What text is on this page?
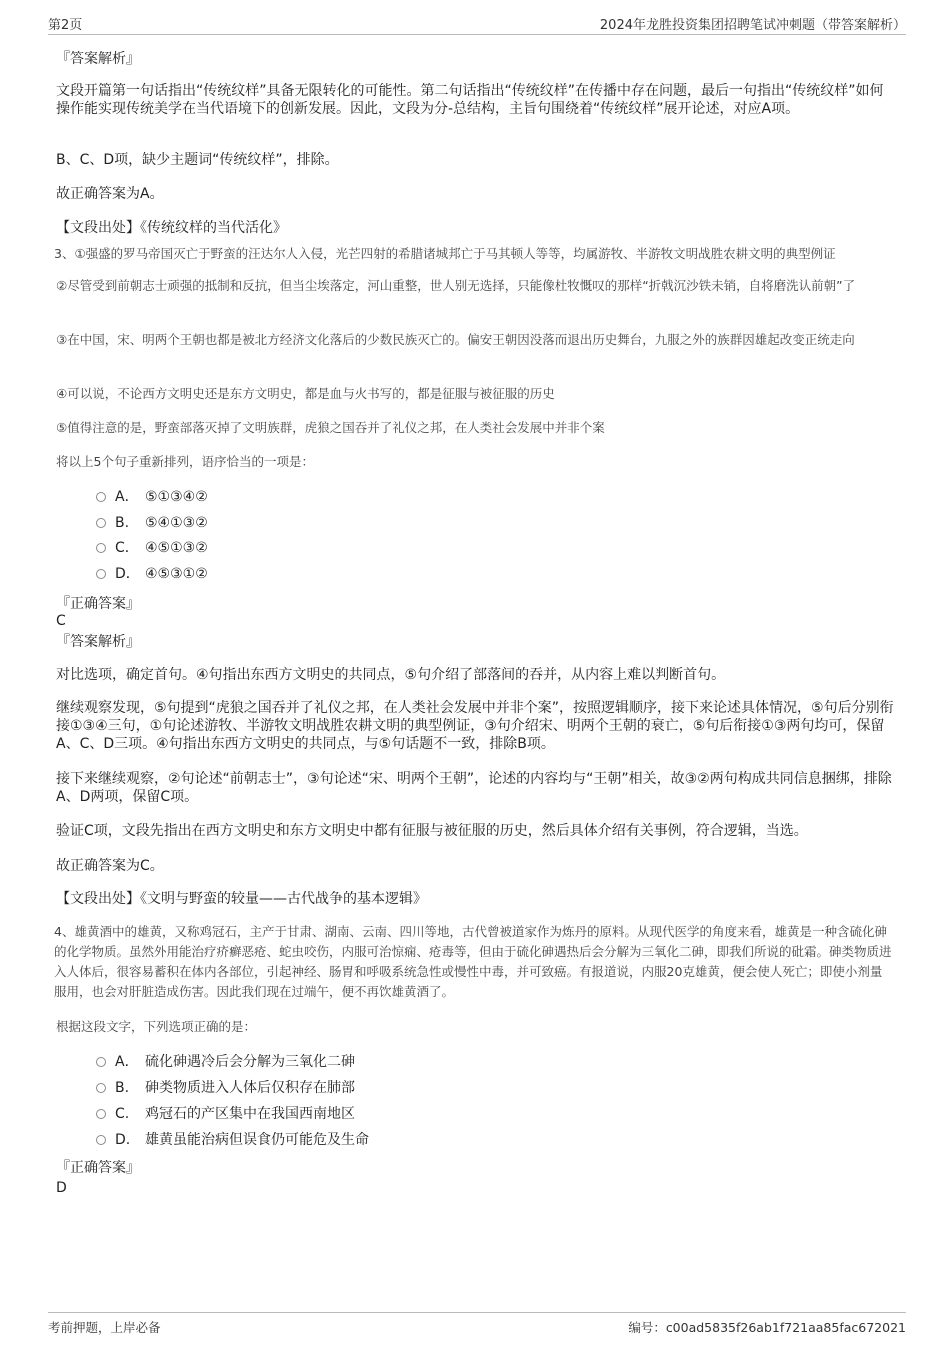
第2页	2024年龙胜投资集团招聘笔试冲刺题（带答案解析）

『答案解析』

文段开篇第一句话指出“传统纹样”具备无限转化的可能性。第二句话指出“传统纹样”在传播中存在问题，最后一句指出“传统纹样”如何操作能实现传统美学在当代语境下的创新发展。因此，文段为分-总结构，主旨句围绕着“传统纹样”展开论述，对应A项。

B、C、D项，缺少主题词“传统纹样”，排除。

故正确答案为A。

【文段出处】《传统纹样的当代活化》

3、①强盛的罗马帝国灭亡于野蛮的汪达尔人入侵，光芒四射的希腊诸城邦亡于马其顿人等等，均属游牧、半游牧文明战胜农耕文明的典型例证

②尽管受到前朝志士顽强的抵制和反抗，但当尘埃落定，河山重整，世人别无选择，只能像杜牧慨叹的那样“折戟沉沙铁未销，自将磨洗认前朝”了

③在中国，宋、明两个王朝也都是被北方经济文化落后的少数民族灭亡的。偏安王朝因没落而退出历史舞台，九服之外的族群因雄起改变正统走向

④可以说，不论西方文明史还是东方文明史，都是血与火书写的，都是征服与被征服的历史

⑤值得注意的是，野蛮部落灭掉了文明族群，虎狼之国吞并了礼仪之邦，在人类社会发展中并非个案

将以上5个句子重新排列，语序恰当的一项是：

A． ⑤①③④②
B. ⑤④①③②
C． ④⑤①③②
D． ④⑤③①②

『正确答案』

C

『答案解析』

对比选项，确定首句。④句指出东西方文明史的共同点，⑤句介绍了部落间的吞并，从内容上难以判断首句。

继续观察发现，⑤句提到“虎狼之国吞并了礼仪之邦，在人类社会发展中并非个案”，按照逻辑顺序，接下来论述具体情况，⑤句后分别衔接①③④三句，①句论述游牧、半游牧文明战胜农耕文明的典型例证，③句介绍宋、明两个王朝的衰亡，⑤句后衔接①③两句均可，保留A、C、D三项。④句指出东西方文明史的共同点，与⑤句话题不一致，排除B项。

接下来继续观察，②句论述“前朝志士”，③句论述“宋、明两个王朝”，论述的内容均与“王朝”相关，故③②两句构成共同信息捆绑，排除A、D两项，保留C项。

验证C项，文段先指出在西方文明史和东方文明史中都有征服与被征服的历史，然后具体介绍有关事例，符合逻辑，当选。

故正确答案为C。

【文段出处】《文明与野蛮的较量——古代战争的基本逻辑》

4、雄黄酒中的雄黄，又称鸡冠石，主产于甘肃、湖南、云南、四川等地，古代曾被道家作为炼丹的原料。从现代医学的角度来看，雄黄是一种含硫化砷的化学物质。虽然外用能治疗疥癣恶疮、蛇虫咬伤，内服可治惊痫、疮毒等，但由于硫化砷遇热后会分解为三氧化二砷，即我们所说的砒霜。砷类物质进入人体后，很容易蓄积在体内各部位，引起神经、肠胃和呼吸系统急性或慢性中毒，并可致癌。有报道说，内服20克雄黄，便会使人死亡；即使小剂量服用，也会对肝脏造成伤害。因此我们现在过端午，便不再饮雄黄酒了。

根据这段文字，下列选项正确的是：

A． 硫化砷遇冷后会分解为三氧化二砷
B. 砷类物质进入人体后仅积存在肺部
C. 鸡冠石的产区集中在我国西南地区
D. 雄黄虽能治病但误食仍可能危及生命

『正确答案』

D

考前押题，上岸必备	编号：c00ad5835f26ab1f721aa85fac672021
